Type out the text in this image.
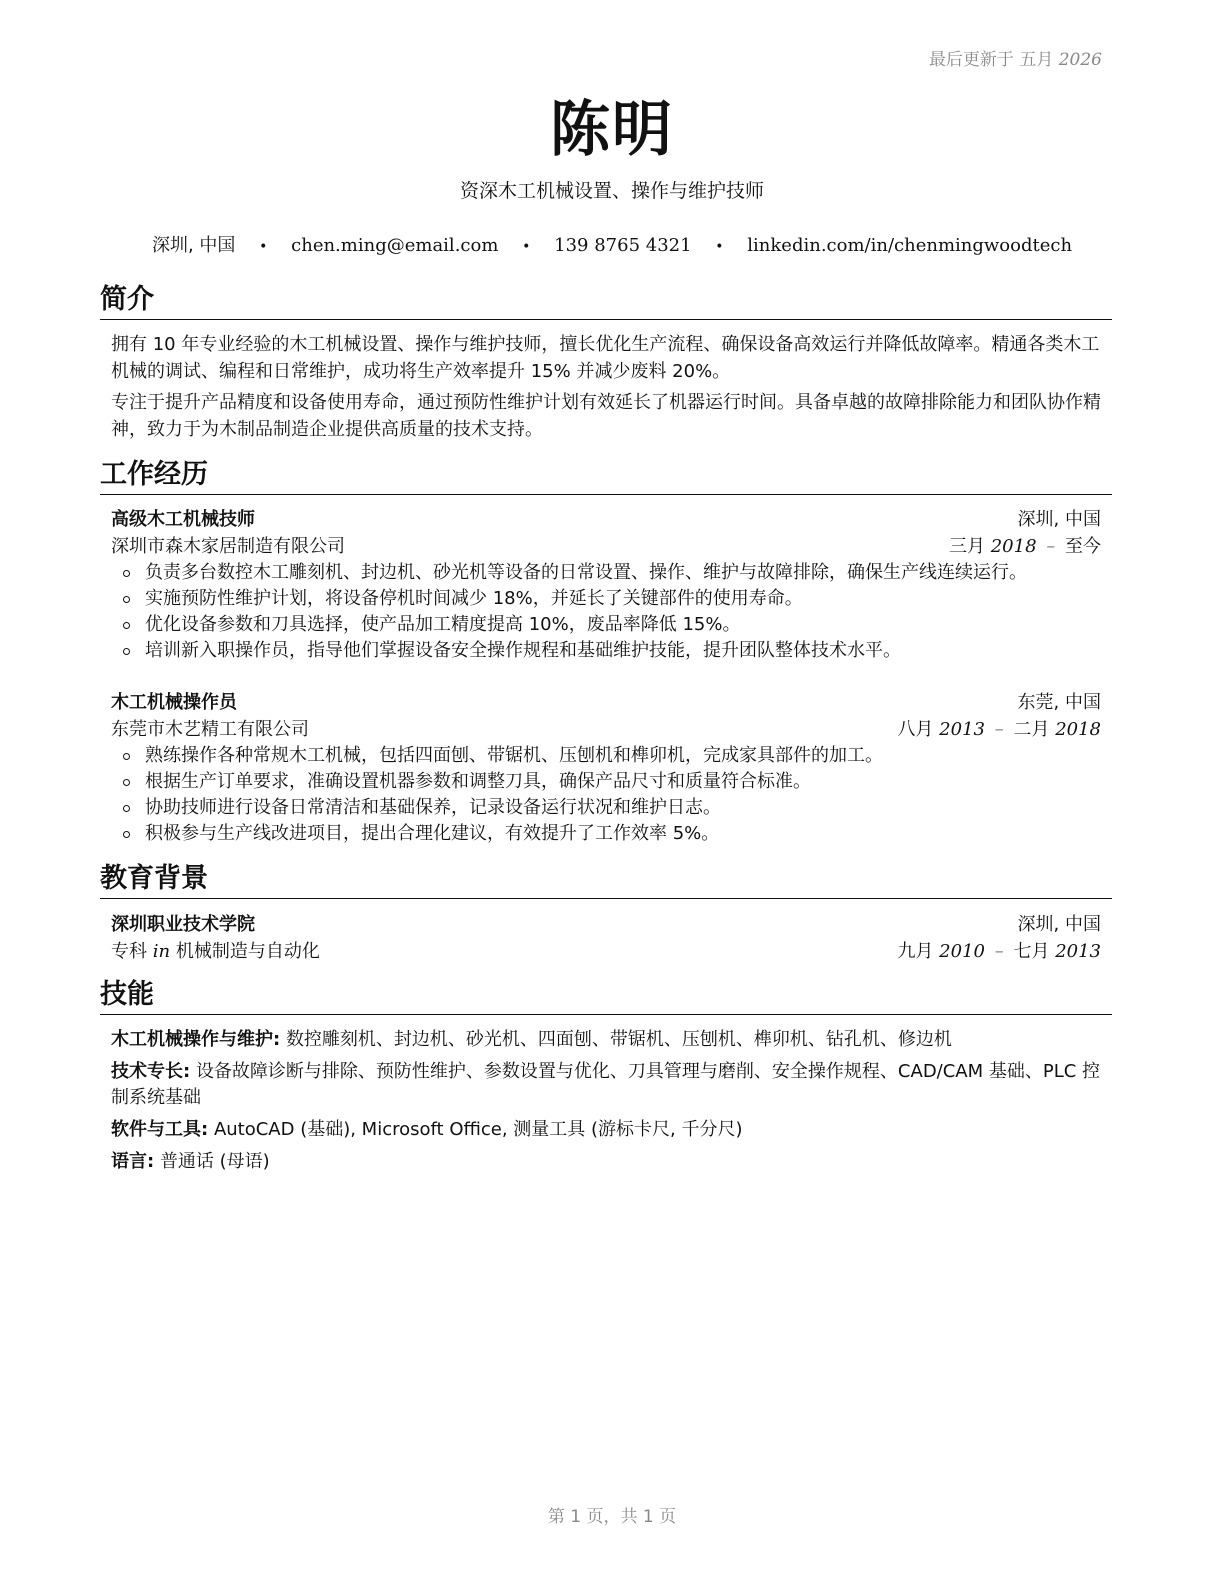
最后更新于 五月 2026
陈明
资深木工机械设置、操作与维护技师
深圳, 中国 • chen.ming@email.com • 139 8765 4321 • linkedin.com/in/chenmingwoodtech
简介

拥有 10 年专业经验的木工机械设置、操作与维护技师，擅长优化生产流程、确保设备高效运行并降低故障率。精通各类木工机械的调试、编程和日常维护，成功将生产效率提升 15% 并减少废料 20%。

专注于提升产品精度和设备使用寿命，通过预防性维护计划有效延长了机器运行时间。具备卓越的故障排除能力和团队协作精神，致力于为木制品制造企业提供高质量的技术支持。

工作经历
高级木工机械技师	深圳, 中国
深圳市森木家居制造有限公司	三月 2018 – 至今
负责多台数控木工雕刻机、封边机、砂光机等设备的日常设置、操作、维护与故障排除，确保生产线连续运行。
实施预防性维护计划，将设备停机时间减少 18%，并延长了关键部件的使用寿命。
优化设备参数和刀具选择，使产品加工精度提高 10%，废品率降低 15%。
培训新入职操作员，指导他们掌握设备安全操作规程和基础维护技能，提升团队整体技术水平。
木工机械操作员	东莞, 中国
东莞市木艺精工有限公司	八月 2013 – 二月 2018
熟练操作各种常规木工机械，包括四面刨、带锯机、压刨机和榫卯机，完成家具部件的加工。
根据生产订单要求，准确设置机器参数和调整刀具，确保产品尺寸和质量符合标准。
协助技师进行设备日常清洁和基础保养，记录设备运行状况和维护日志。
积极参与生产线改进项目，提出合理化建议，有效提升了工作效率 5%。
教育背景
深圳职业技术学院	深圳, 中国
专科 in 机械制造与自动化	九月 2010 – 七月 2013
技能
木工机械操作与维护: 数控雕刻机、封边机、砂光机、四面刨、带锯机、压刨机、榫卯机、钻孔机、修边机
技术专长: 设备故障诊断与排除、预防性维护、参数设置与优化、刀具管理与磨削、安全操作规程、CAD/CAM 基础、PLC 控制系统基础
软件与工具: AutoCAD (基础), Microsoft Office, 测量工具 (游标卡尺, 千分尺)
语言: 普通话 (母语)
第 1 页，共 1 页
